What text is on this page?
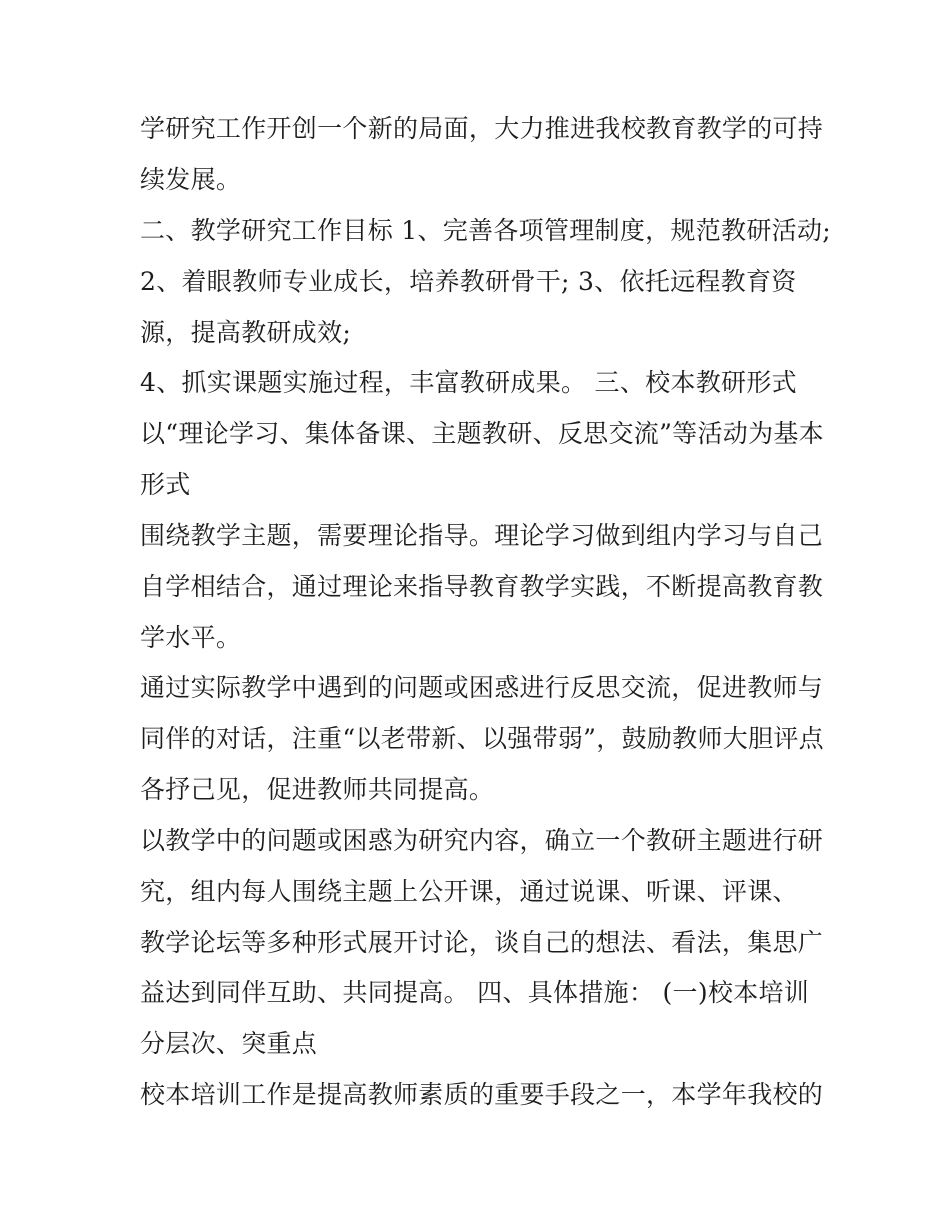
学研究工作开创一个新的局面，大力推进我校教育教学的可持
续发展。
二、教学研究工作目标 1、完善各项管理制度，规范教研活动;
2、着眼教师专业成长，培养教研骨干; 3、依托远程教育资
源，提高教研成效;
4、抓实课题实施过程，丰富教研成果。 三、校本教研形式
以“理论学习、集体备课、主题教研、反思交流”等活动为基本
形式
围绕教学主题，需要理论指导。理论学习做到组内学习与自己
自学相结合，通过理论来指导教育教学实践，不断提高教育教
学水平。
通过实际教学中遇到的问题或困惑进行反思交流，促进教师与
同伴的对话，注重“以老带新、以强带弱”，鼓励教师大胆评点
各抒己见，促进教师共同提高。
以教学中的问题或困惑为研究内容，确立一个教研主题进行研
究，组内每人围绕主题上公开课，通过说课、听课、评课、
教学论坛等多种形式展开讨论，谈自己的想法、看法，集思广
益达到同伴互助、共同提高。 四、具体措施： (一)校本培训
分层次、突重点
校本培训工作是提高教师素质的重要手段之一，本学年我校的
